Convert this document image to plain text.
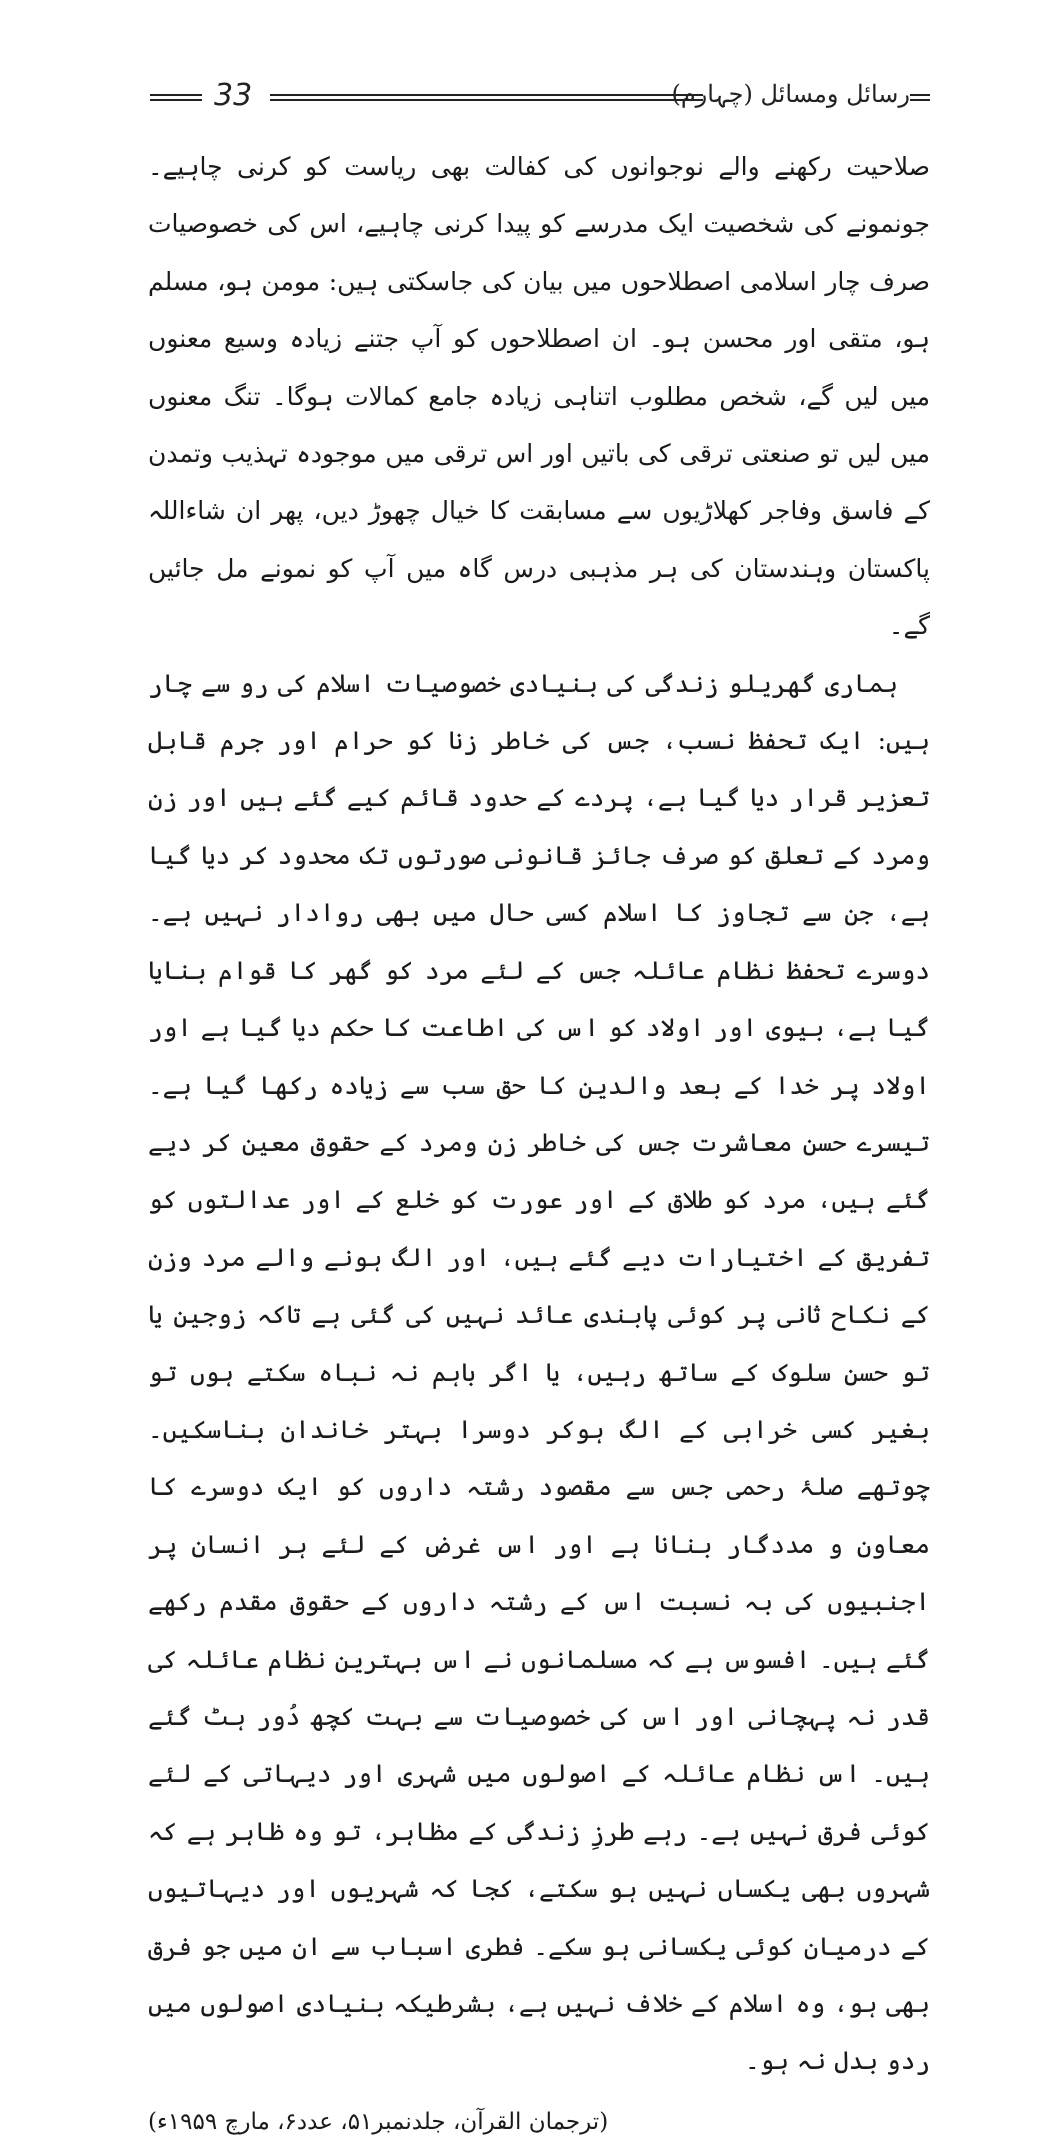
33	رسائل ومسائل (چہارم)

صلاحیت رکھنے والے نوجوانوں کی کفالت بھی ریاست کو کرنی چاہیے۔ جونمونے کی شخصیت ایک مدرسے کو پیدا کرنی چاہیے، اس کی خصوصیات صرف چار اسلامی اصطلاحوں میں بیان کی جاسکتی ہیں: مومن ہو، مسلم ہو، متقی اور محسن ہو۔ ان اصطلاحوں کو آپ جتنے زیادہ وسیع معنوں میں لیں گے، شخص مطلوب اتناہی زیادہ جامع کمالات ہوگا۔ تنگ معنوں میں لیں تو صنعتی ترقی کی باتیں اور اس ترقی میں موجودہ تہذیب وتمدن کے فاسق وفاجر کھلاڑیوں سے مسابقت کا خیال چھوڑ دیں، پھر ان شاءاللہ پاکستان وہندستان کی ہر مذہبی درس گاہ میں آپ کو نمونے مل جائیں گے۔

ہماری گھریلو زندگی کی بنیادی خصوصیات اسلام کی رو سے چار ہیں: ایک تحفظ نسب، جس کی خاطر زنا کو حرام اور جرم قابل تعزیر قرار دیا گیا ہے، پردے کے حدود قائم کیے گئے ہیں اور زن ومرد کے تعلق کو صرف جائز قانونی صورتوں تک محدود کر دیا گیا ہے، جن سے تجاوز کا اسلام کسی حال میں بھی روادار نہیں ہے۔ دوسرے تحفظ نظام عائلہ جس کے لئے مرد کو گھر کا قوام بنایا گیا ہے، بیوی اور اولاد کو اس کی اطاعت کا حکم دیا گیا ہے اور اولاد پر خدا کے بعد والدین کا حق سب سے زیادہ رکھا گیا ہے۔ تیسرے حسن معاشرت جس کی خاطر زن ومرد کے حقوق معین کر دیے گئے ہیں، مرد کو طلاق کے اور عورت کو خلع کے اور عدالتوں کو تفریق کے اختیارات دیے گئے ہیں، اور الگ ہونے والے مرد وزن کے نکاح ثانی پر کوئی پابندی عائد نہیں کی گئی ہے تاکہ زوجین یا تو حسن سلوک کے ساتھ رہیں، یا اگر باہم نہ نباہ سکتے ہوں تو بغیر کسی خرابی کے الگ ہوکر دوسرا بہتر خاندان بناسکیں۔ چوتھے صلۂ رحمی جس سے مقصود رشتہ داروں کو ایک دوسرے کا معاون و مددگار بنانا ہے اور اس غرض کے لئے ہر انسان پر اجنبیوں کی بہ نسبت اس کے رشتہ داروں کے حقوق مقدم رکھے گئے ہیں۔ افسوس ہے کہ مسلمانوں نے اس بہترین نظام عائلہ کی قدر نہ پہچانی اور اس کی خصوصیات سے بہت کچھ دُور ہٹ گئے ہیں۔ اس نظام عائلہ کے اصولوں میں شہری اور دیہاتی کے لئے کوئی فرق نہیں ہے۔ رہے طرزِ زندگی کے مظاہر، تو وہ ظاہر ہے کہ شہروں بھی یکساں نہیں ہو سکتے، کجا کہ شہریوں اور دیہاتیوں کے درمیان کوئی یکسانی ہو سکے۔ فطری اسباب سے ان میں جو فرق بھی ہو، وہ اسلام کے خلاف نہیں ہے، بشرطیکہ بنیادی اصولوں میں ردو بدل نہ ہو۔

(ترجمان القرآن، جلدنمبر۵۱، عدد۶، مارچ ۱۹۵۹ء)
